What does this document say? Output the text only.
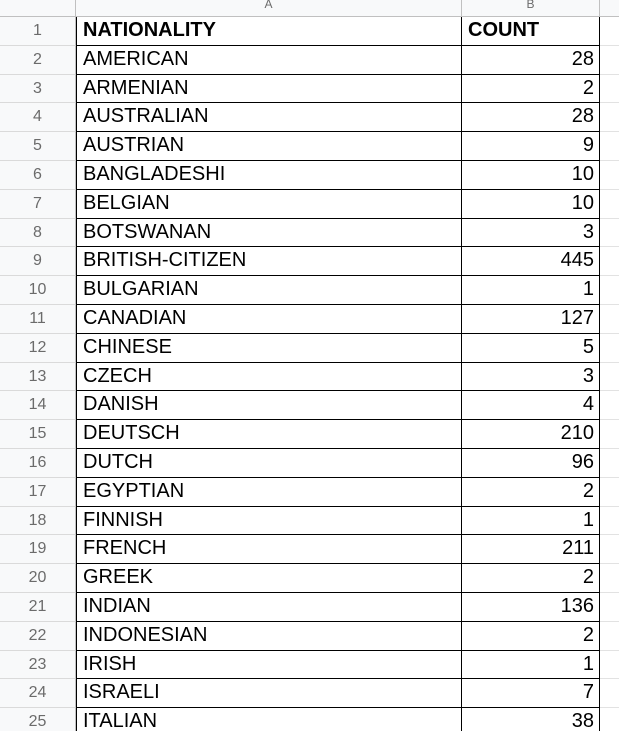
A	B
1	NATIONALITY	COUNT
2	AMERICAN	28
3	ARMENIAN	2
4	AUSTRALIAN	28
5	AUSTRIAN	9
6	BANGLADESHI	10
7	BELGIAN	10
8	BOTSWANAN	3
9	BRITISH-CITIZEN	445
10	BULGARIAN	1
11	CANADIAN	127
12	CHINESE	5
13	CZECH	3
14	DANISH	4
15	DEUTSCH	210
16	DUTCH	96
17	EGYPTIAN	2
18	FINNISH	1
19	FRENCH	211
20	GREEK	2
21	INDIAN	136
22	INDONESIAN	2
23	IRISH	1
24	ISRAELI	7
25	ITALIAN	38
